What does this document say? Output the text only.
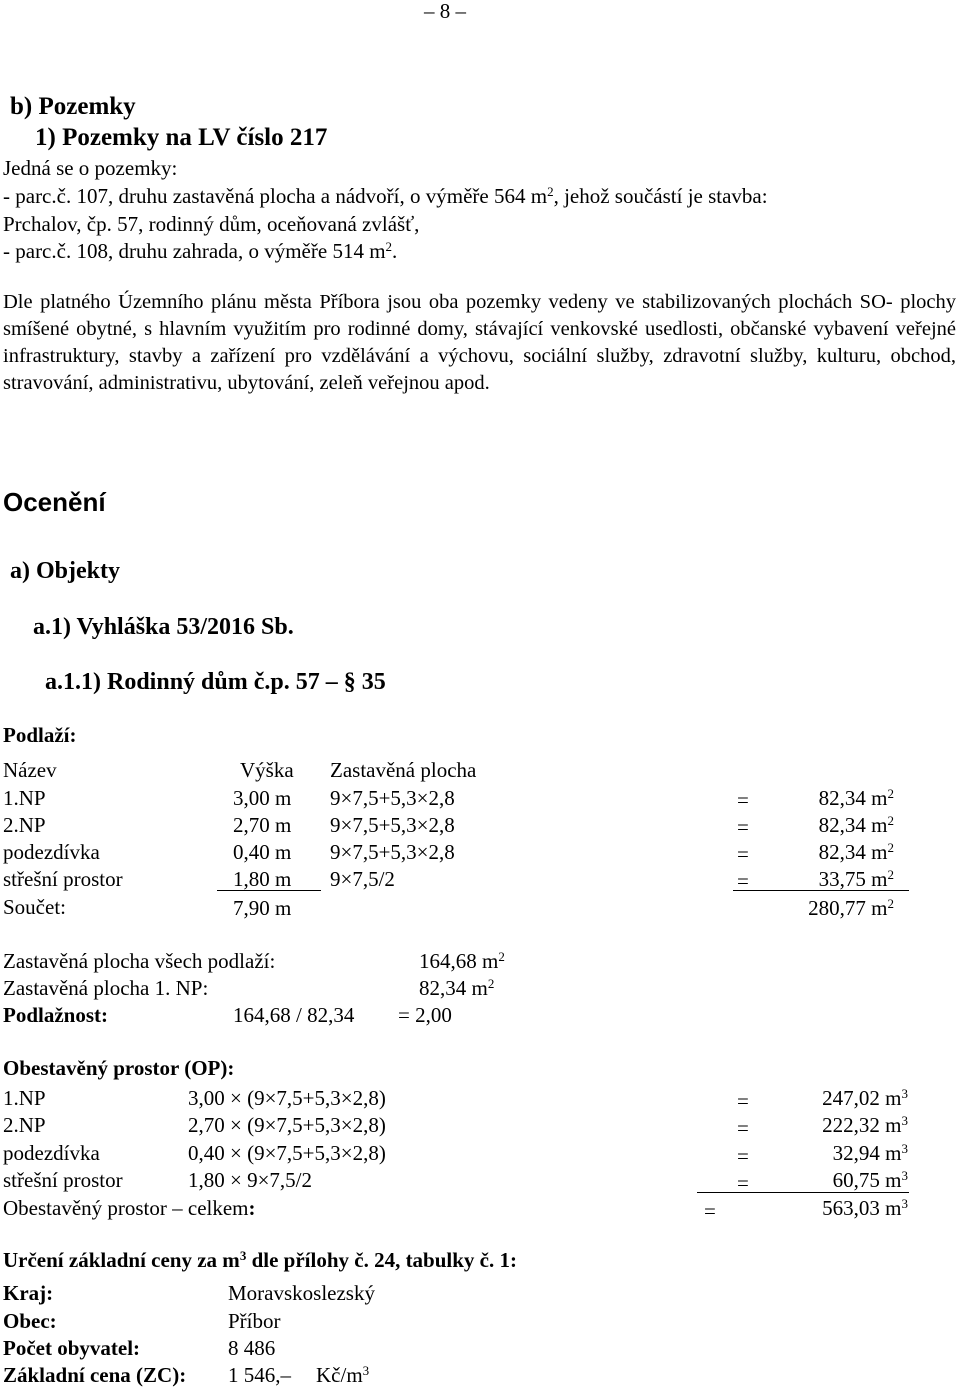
– 8 –
b) Pozemky
1) Pozemky na LV číslo 217
Jedná se o pozemky:
- parc.č. 107, druhu zastavěná plocha a nádvoří, o výměře 564 $m^2$, jehož součástí je stavba:
Prchalov, čp. 57, rodinný dům, oceňovaná zvlášť,
- parc.č. 108, druhu zahrada, o výměře 514 $m^2$.
Dle platného Územního plánu města Příbora jsou oba pozemky vedeny ve stabilizovaných plochách SO- plochy smíšené obytné, s hlavním využitím pro rodinné domy, stávající venkovské usedlosti, občanské vybavení veřejné infrastruktury, stavby a zařízení pro vzdělávání a výchovu, sociální služby, zdravotní služby, kulturu, obchod, stravování, administrativu, ubytování, zeleň veřejnou apod.
Ocenění
a) Objekty
a.1) Vyhláška 53/2016 Sb.
a.1.1) Rodinný dům č.p. 57 – § 35
Podlaží:
Název	Výška Zastavěná plocha
1.NP	3,00 m 9×7,5+5,3×2,8	=	82,34 $m^2$
2.NP	2,70 m 9×7,5+5,3×2,8	=	82,34 $m^2$
podezdívka	0,40 m 9×7,5+5,3×2,8	=	82,34 $m^2$
střešní prostor	1,80 m 9×7,5/2	=	33,75 $m^2$
Součet:	7,90 m	280,77 $m^2$
Zastavěná plocha všech podlaží:	164,68 $m^2$
Zastavěná plocha 1. NP:	82,34 $m^2$
Podlažnost:	164,68 / 82,34 = 2,00
Obestavěný prostor (OP):
1.NP	3,00 × (9×7,5+5,3×2,8)	=	247,02 $m^3$
2.NP	2,70 × (9×7,5+5,3×2,8)	=	222,32 $m^3$
podezdívka	0,40 × (9×7,5+5,3×2,8)	=	32,94 $m^3$
střešní prostor	1,80 × 9×7,5/2	=	60,75 $m^3$
Obestavěný prostor – celkem:	=	563,03 $m^3$
Určení základní ceny za $m^3$ dle přílohy č. 24, tabulky č. 1:
Kraj:	Moravskoslezský
Obec:	Příbor
Počet obyvatel:	8 486
Základní cena (ZC): 1 546,– $Kč/m^3$
